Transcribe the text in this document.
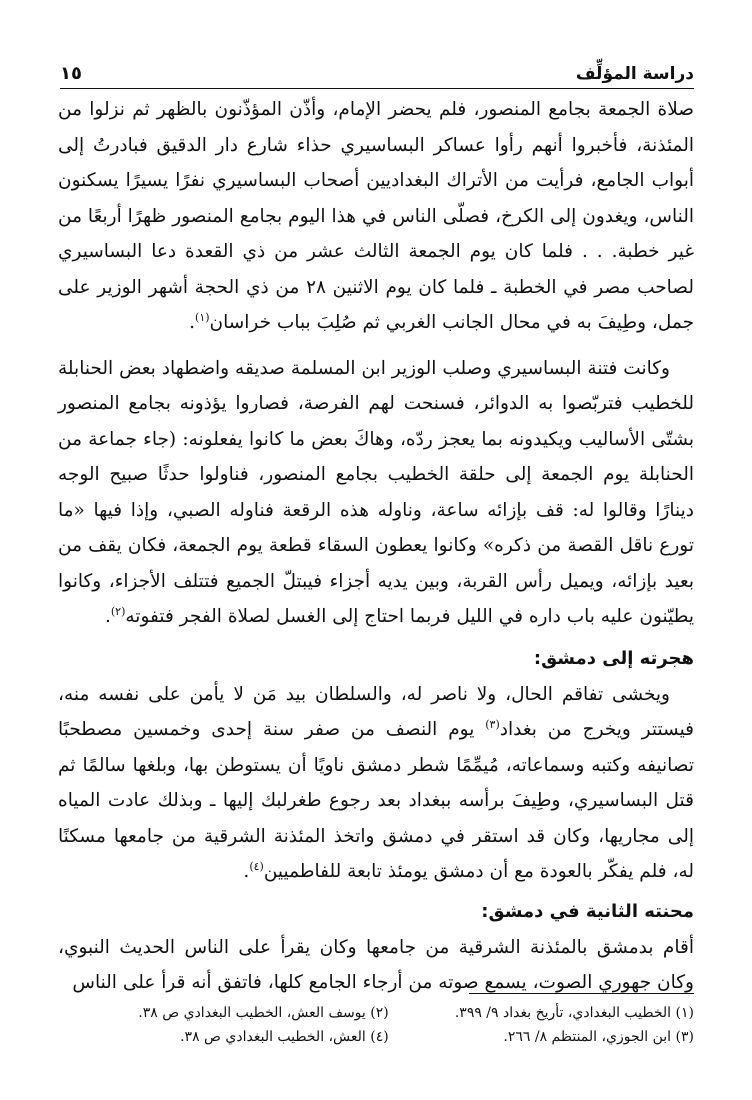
دراسة المؤلِّف
١٥

صلاة الجمعة بجامع المنصور، فلم يحضر الإمام، وأذّن المؤذّنون بالظهر ثم نزلوا من المئذنة، فأخبروا أنهم رأوا عساكر البساسيري حذاء شارع دار الدقيق فبادرتُ إلى أبواب الجامع، فرأيت من الأتراك البغداديين أصحاب البساسيري نفرًا يسيرًا يسكنون الناس، ويغدون إلى الكرخ، فصلّى الناس في هذا اليوم بجامع المنصور ظهرًا أربعًا من غير خطبة. . . فلما كان يوم الجمعة الثالث عشر من ذي القعدة دعا البساسيري لصاحب مصر في الخطبة ـ فلما كان يوم الاثنين ٢٨ من ذي الحجة أشهر الوزير على جمل، وطِيفَ به في محال الجانب الغربي ثم صُلِبَ بباب خراسان$^{(١)}$.

وكانت فتنة البساسيري وصلب الوزير ابن المسلمة صديقه واضطهاد بعض الحنابلة للخطيب فتربّصوا به الدوائر، فسنحت لهم الفرصة، فصاروا يؤذونه بجامع المنصور بشتّى الأساليب ويكيدونه بما يعجز ردّه، وهاكَ بعض ما كانوا يفعلونه: (جاء جماعة من الحنابلة يوم الجمعة إلى حلقة الخطيب بجامع المنصور، فناولوا حدثًا صبيح الوجه دينارًا وقالوا له: قف بإزائه ساعة، وناوله هذه الرقعة فناوله الصبي، وإذا فيها «ما تورع ناقل القصة من ذكره» وكانوا يعطون السقاء قطعة يوم الجمعة، فكان يقف من بعيد بإزائه، ويميل رأس القربة، وبين يديه أجزاء فيبتلّ الجميع فتتلف الأجزاء، وكانوا يطيّنون عليه باب داره في الليل فربما احتاج إلى الغسل لصلاة الفجر فتفوته$^{(٢)}$.

هجرته إلى دمشق:

ويخشى تفاقم الحال، ولا ناصر له، والسلطان بيد مَن لا يأمن على نفسه منه، فيستتر ويخرج من بغداد$^{(٣)}$ يوم النصف من صفر سنة إحدى وخمسين مصطحبًا تصانيفه وكتبه وسماعاته، مُيمِّمًا شطر دمشق ناويًا أن يستوطن بها، وبلغها سالمًا ثم قتل البساسيري، وطِيفَ برأسه ببغداد بعد رجوع طغرلبك إليها ـ وبذلك عادت المياه إلى مجاريها، وكان قد استقر في دمشق واتخذ المئذنة الشرقية من جامعها مسكنًا له، فلم يفكّر بالعودة مع أن دمشق يومئذ تابعة للفاطميين$^{(٤)}$.

محنته الثانية في دمشق:

أقام بدمشق بالمئذنة الشرقية من جامعها وكان يقرأ على الناس الحديث النبوي، وكان جهوري الصوت، يسمع صوته من أرجاء الجامع كلها، فاتفق أنه قرأ على الناس

(١) الخطيب البغدادي، تأريخ بغداد ٩/ ٣٩٩.
(٢) يوسف العش، الخطيب البغدادي ص ٣٨.
(٣) ابن الجوزي، المنتظم ٨/ ٢٦٦.
(٤) العش، الخطيب البغدادي ص ٣٨.
